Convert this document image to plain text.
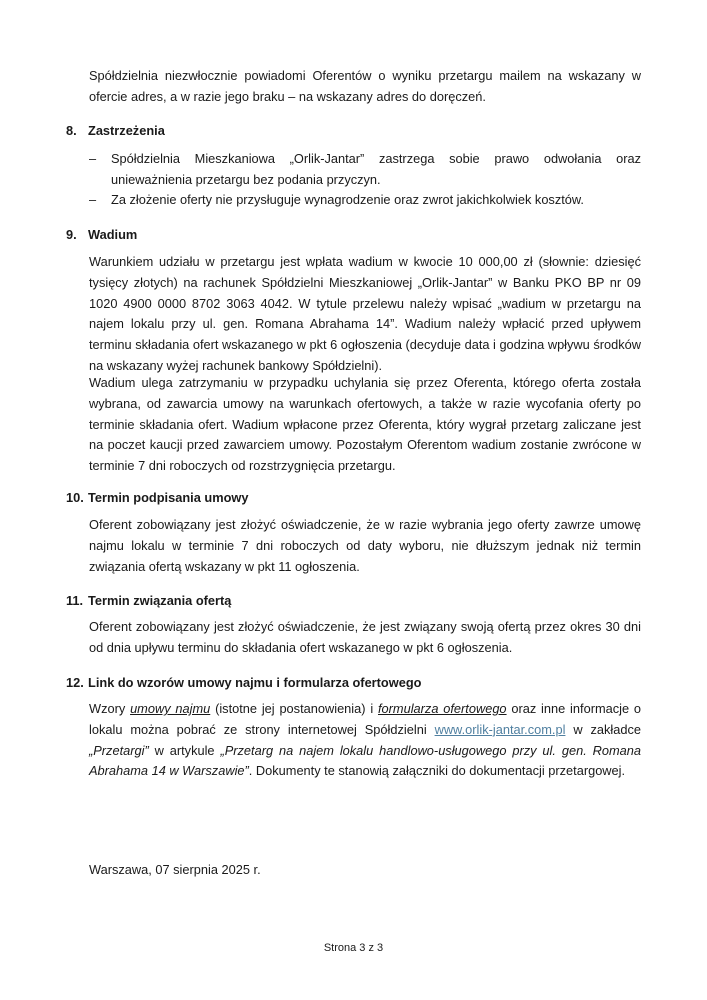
Spółdzielnia niezwłocznie powiadomi Oferentów o wyniku przetargu mailem na wskazany w ofercie adres, a w razie jego braku – na wskazany adres do doręczeń.

8. Zastrzeżenia
– Spółdzielnia Mieszkaniowa „Orlik-Jantar” zastrzega sobie prawo odwołania oraz unieważnienia przetargu bez podania przyczyn.
– Za złożenie oferty nie przysługuje wynagrodzenie oraz zwrot jakichkolwiek kosztów.
9. Wadium

Warunkiem udziału w przetargu jest wpłata wadium w kwocie 10 000,00 zł (słownie: dziesięć tysięcy złotych) na rachunek Spółdzielni Mieszkaniowej „Orlik-Jantar” w Banku PKO BP nr 09 1020 4900 0000 8702 3063 4042. W tytule przelewu należy wpisać „wadium w przetargu na najem lokalu przy ul. gen. Romana Abrahama 14”. Wadium należy wpłacić przed upływem terminu składania ofert wskazanego w pkt 6 ogłoszenia (decyduje data i godzina wpływu środków na wskazany wyżej rachunek bankowy Spółdzielni).

Wadium ulega zatrzymaniu w przypadku uchylania się przez Oferenta, którego oferta została wybrana, od zawarcia umowy na warunkach ofertowych, a także w razie wycofania oferty po terminie składania ofert. Wadium wpłacone przez Oferenta, który wygrał przetarg zaliczane jest na poczet kaucji przed zawarciem umowy. Pozostałym Oferentom wadium zostanie zwrócone w terminie 7 dni roboczych od rozstrzygnięcia przetargu.

10. Termin podpisania umowy

Oferent zobowiązany jest złożyć oświadczenie, że w razie wybrania jego oferty zawrze umowę najmu lokalu w terminie 7 dni roboczych od daty wyboru, nie dłuższym jednak niż termin związania ofertą wskazany w pkt 11 ogłoszenia.

11. Termin związania ofertą

Oferent zobowiązany jest złożyć oświadczenie, że jest związany swoją ofertą przez okres 30 dni od dnia upływu terminu do składania ofert wskazanego w pkt 6 ogłoszenia.

12. Link do wzorów umowy najmu i formularza ofertowego

Wzory umowy najmu (istotne jej postanowienia) i formularza ofertowego oraz inne informacje o lokalu można pobrać ze strony internetowej Spółdzielni www.orlik-jantar.com.pl w zakładce „Przetargi” w artykule „Przetarg na najem lokalu handlowo-usługowego przy ul. gen. Romana Abrahama 14 w Warszawie”. Dokumenty te stanowią załączniki do dokumentacji przetargowej.

Warszawa, 07 sierpnia 2025 r.

Strona 3 z 3
